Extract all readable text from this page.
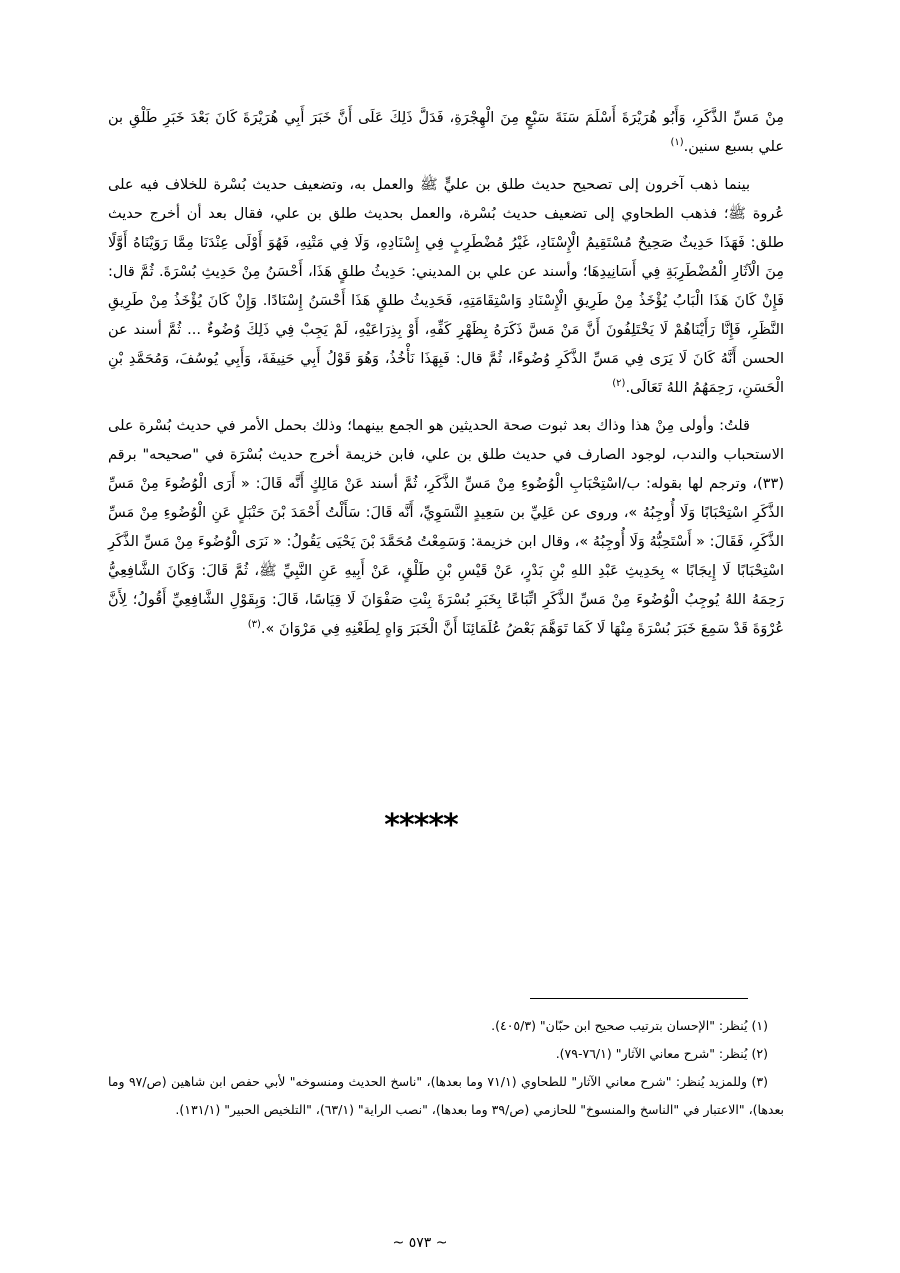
مِنْ مَسِّ الذَّكَرِ، وَأَبُو هُرَيْرَةَ أَسْلَمَ سَنَةَ سَبْعٍ مِنَ الْهِجْرَةِ، فَدَلَّ ذَلِكَ عَلَى أَنَّ خَبَرَ أَبِي هُرَيْرَةَ كَانَ بَعْدَ خَبَرِ طَلْقِ بن علي بسبع سنين.$^{(١)}$

بينما ذهب آخرون إلى تصحيح حديث طلق بن عليٍّ ﷺ والعمل به، وتضعيف حديث بُسْرة للخلاف فيه على عُروة ﷺ؛ فذهب الطحاوي إلى تضعيف حديث بُسْرة، والعمل بحديث طلق بن علي، فقال بعد أن أخرج حديث طلق: فَهَذَا حَدِيثٌ صَحِيحٌ مُسْتَقِيمُ الْإِسْنَادِ، غَيْرُ مُضْطَرِبٍ فِي إِسْنَادِهِ، وَلَا فِي مَتْنِهِ، فَهُوَ أَوْلَى عِنْدَنَا مِمَّا رَوَيْنَاهُ أَوَّلًا مِنَ الْآثَارِ الْمُضْطَرِبَةِ فِي أَسَانِيدِهَا؛ وأسند عن علي بن المديني: حَدِيثُ طلقٍ هَذَا، أَحْسَنُ مِنْ حَدِيثِ بُسْرَةَ. ثُمَّ قال: فَإِنْ كَانَ هَذَا الْبَابُ يُؤْخَذُ مِنْ طَرِيقِ الْإِسْنَادِ وَاسْتِقَامَتِهِ، فَحَدِيثُ طلقٍ هَذَا أَحْسَنُ إِسْنَادًا. وَإِنْ كَانَ يُؤْخَذُ مِنْ طَرِيقِ النَّظَرِ، فَإِنَّا رَأَيْنَاهُمْ لَا يَخْتَلِفُونَ أَنَّ مَنْ مَسَّ ذَكَرَهُ بِظَهْرِ كَفِّهِ، أَوْ بِذِرَاعَيْهِ، لَمْ يَجِبْ فِي ذَلِكَ وُضُوءٌ ... ثُمَّ أسند عن الحسن أَنَّهُ كَانَ لَا يَرَى فِي مَسِّ الذَّكَرِ وُضُوءًا، ثُمَّ قال: فَبِهَذَا نَأْخُذُ، وَهُوَ قَوْلُ أَبِي حَنِيفَةَ، وَأَبِي يُوسُفَ، وَمُحَمَّدِ بْنِ الْحَسَنِ، رَحِمَهُمُ اللهُ تَعَالَى.$^{(٢)}$

قلتُ: وأولى مِنْ هذا وذاك بعد ثبوت صحة الحديثين هو الجمع بينهما؛ وذلك بحمل الأمر في حديث بُسْرة على الاستحباب والندب، لوجود الصارف في حديث طلق بن علي، فابن خزيمة أخرج حديث بُسْرَة في "صحيحه" برقم (٣٣)، وترجم لها بقوله: ب/اسْتِحْبَابِ الْوُضُوءِ مِنْ مَسِّ الذَّكَرِ، ثُمَّ أسند عَنْ مَالِكٍ أَنَّه قَالَ: « أَرَى الْوُضُوءَ مِنْ مَسِّ الذَّكَرِ اسْتِحْبَابًا وَلَا أُوجِبُهُ »، وروى عن عَلِيِّ بن سَعِيدٍ النَّسَوِيِّ، أَنَّه قَالَ: سَأَلْتُ أَحْمَدَ بْنَ حَنْبَلٍ عَنِ الْوُضُوءِ مِنْ مَسِّ الذَّكَرِ، فَقَالَ: « أَسْتَحِبُّهُ وَلَا أُوجِبُهُ »، وقال ابن خزيمة: وَسَمِعْتُ مُحَمَّدَ بْنَ يَحْيَى يَقُولُ: « نَرَى الْوُضُوءَ مِنْ مَسِّ الذَّكَرِ اسْتِحْبَابًا لَا إِيجَابًا » بِحَدِيثِ عَبْدِ اللهِ بْنِ بَدْرٍ، عَنْ قَيْسِ بْنِ طَلْقٍ، عَنْ أَبِيهِ عَنِ النَّبِيِّ ﷺ، ثُمَّ قَالَ: وَكَانَ الشَّافِعِيُّ رَحِمَهُ اللهُ يُوجِبُ الْوُضُوءَ مِنْ مَسِّ الذَّكَرِ اتِّبَاعًا بِخَبَرِ بُسْرَةَ بِنْتِ صَفْوَانَ لَا قِيَاسًا، قَالَ: وَبِقَوْلِ الشَّافِعِيِّ أَقُولُ؛ لِأَنَّ عُرْوَةَ قَدْ سَمِعَ خَبَرَ بُسْرَةَ مِنْهَا لَا كَمَا تَوَهَّمَ بَعْضُ عُلَمَائِنَا أَنَّ الْخَبَرَ وَاهٍ لِطَعْنِهِ فِي مَرْوَانَ ».$^{(٣)}$

*****

(١) يُنظر: "الإحسان بترتيب صحيح ابن حبّان" (٤٠٥/٣).

(٢) يُنظر: "شرح معاني الآثار" (٧٦/١-٧٩).

(٣) وللمزيد يُنظر: "شرح معاني الآثار" للطحاوي (٧١/١ وما بعدها)، "ناسخ الحديث ومنسوخه" لأبي حفص ابن شاهين (ص/٩٧ وما بعدها)، "الاعتبار في "الناسخ والمنسوخ" للحازمي (ص/٣٩ وما بعدها)، "نصب الراية" (٦٣/١)، "التلخيص الحبير" (١٣١/١).

~ ٥٧٣ ~
